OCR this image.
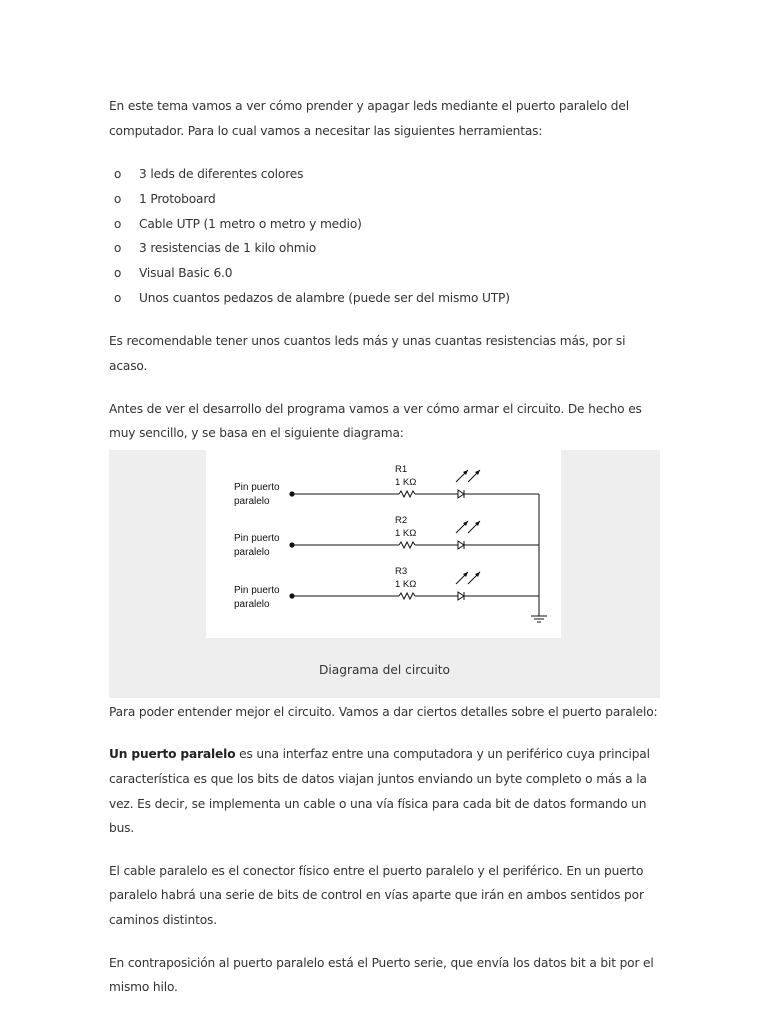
En este tema vamos a ver cómo prender y apagar leds mediante el puerto paralelo del computador. Para lo cual vamos a necesitar las siguientes herramientas:

o 3 leds de diferentes colores
o 1 Protoboard
o Cable UTP (1 metro o metro y medio)
o 3 resistencias de 1 kilo ohmio
o Visual Basic 6.0
o Unos cuantos pedazos de alambre (puede ser del mismo UTP)

Es recomendable tener unos cuantos leds más y unas cuantas resistencias más, por si acaso.

Antes de ver el desarrollo del programa vamos a ver cómo armar el circuito. De hecho es muy sencillo, y se basa en el siguiente diagrama:

Pin puerto
paralelo
R1
1 KΩ
Pin puerto
paralelo
R2
1 KΩ
Pin puerto
paralelo
R3
1 KΩ
Diagrama del circuito

Para poder entender mejor el circuito. Vamos a dar ciertos detalles sobre el puerto paralelo:

Un puerto paralelo es una interfaz entre una computadora y un periférico cuya principal característica es que los bits de datos viajan juntos enviando un byte completo o más a la vez. Es decir, se implementa un cable o una vía física para cada bit de datos formando un bus.

El cable paralelo es el conector físico entre el puerto paralelo y el periférico. En un puerto paralelo habrá una serie de bits de control en vías aparte que irán en ambos sentidos por caminos distintos.

En contraposición al puerto paralelo está el Puerto serie, que envía los datos bit a bit por el mismo hilo.
